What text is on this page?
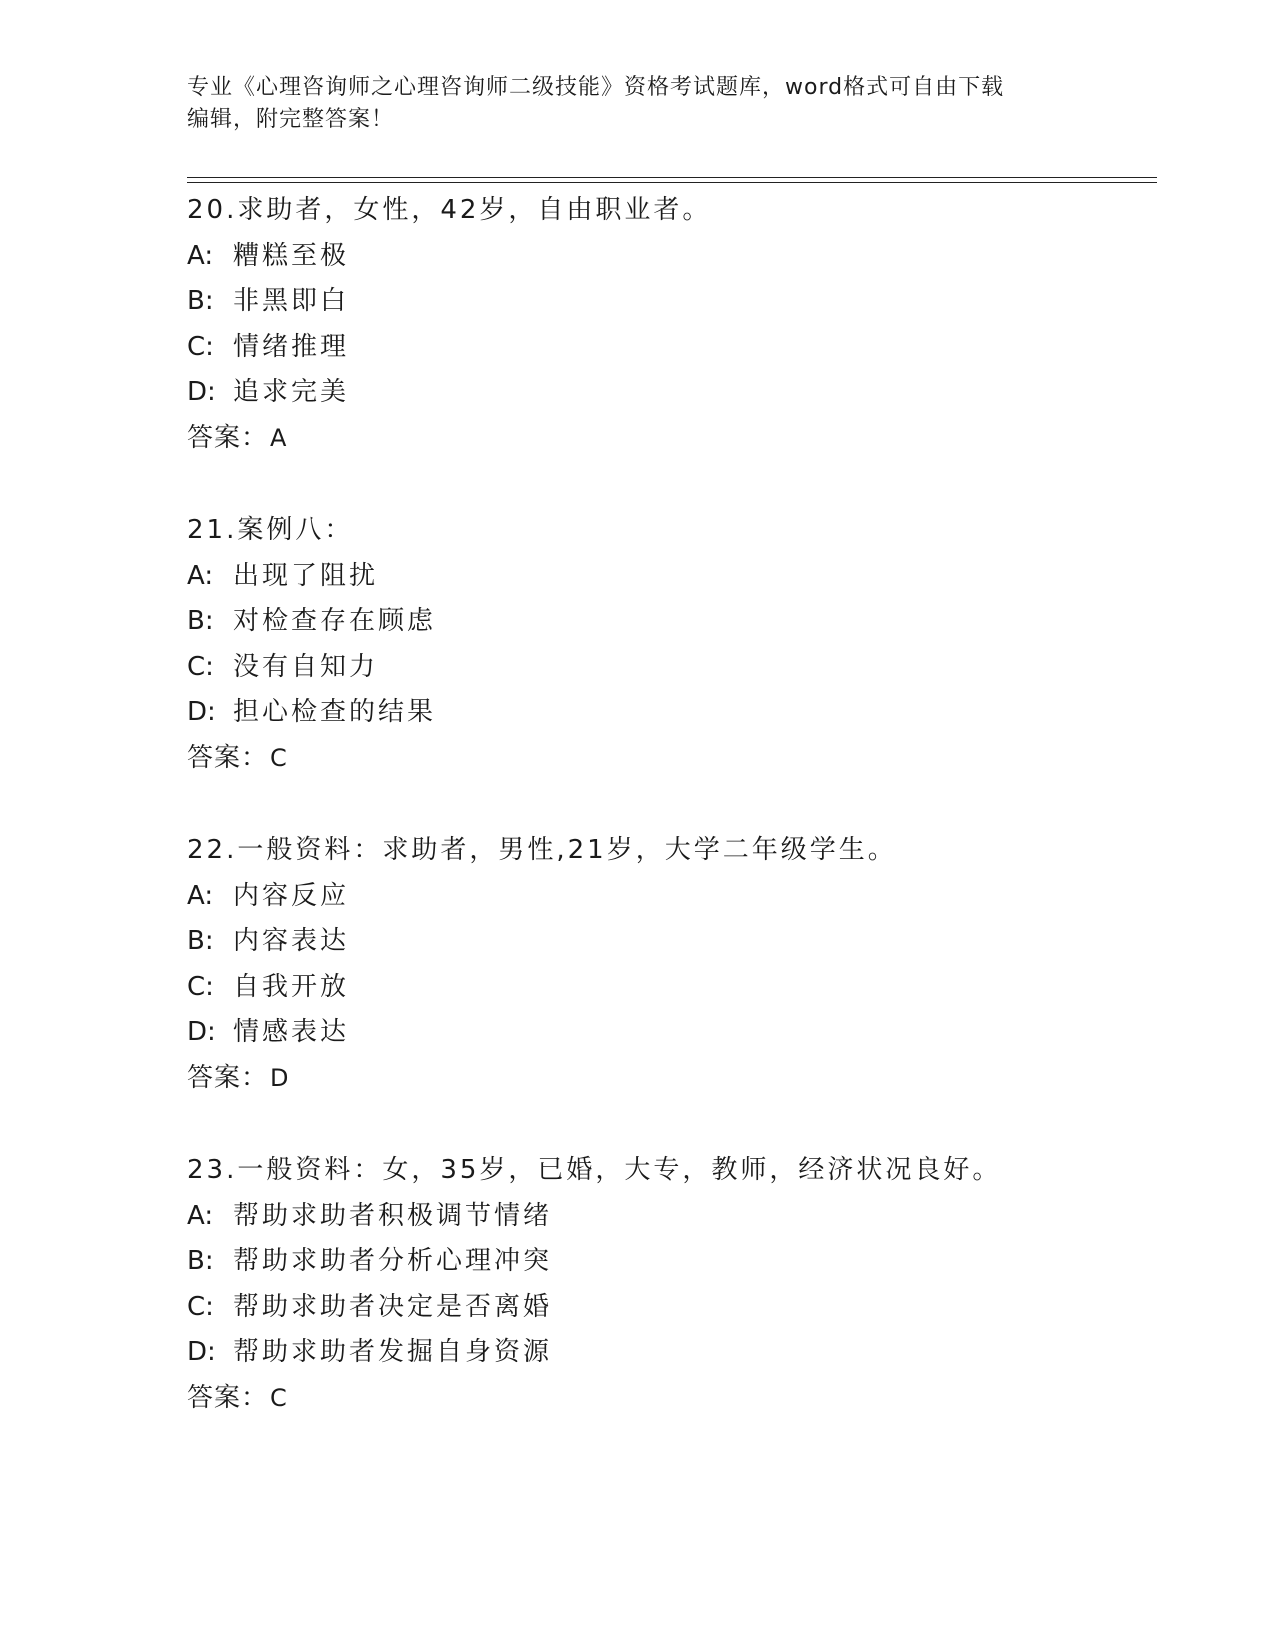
专业《心理咨询师之心理咨询师二级技能》资格考试题库，word格式可自由下载
编辑，附完整答案！
20.求助者，女性，42岁，自由职业者。
A: 糟糕至极
B: 非黑即白
C: 情绪推理
D: 追求完美
答案：A
21.案例八：
A: 出现了阻扰
B: 对检查存在顾虑
C: 没有自知力
D: 担心检查的结果
答案：C
22.一般资料：求助者，男性,21岁，大学二年级学生。
A: 内容反应
B: 内容表达
C: 自我开放
D: 情感表达
答案：D
23.一般资料：女，35岁，已婚，大专，教师，经济状况良好。
A: 帮助求助者积极调节情绪
B: 帮助求助者分析心理冲突
C: 帮助求助者决定是否离婚
D: 帮助求助者发掘自身资源
答案：C
